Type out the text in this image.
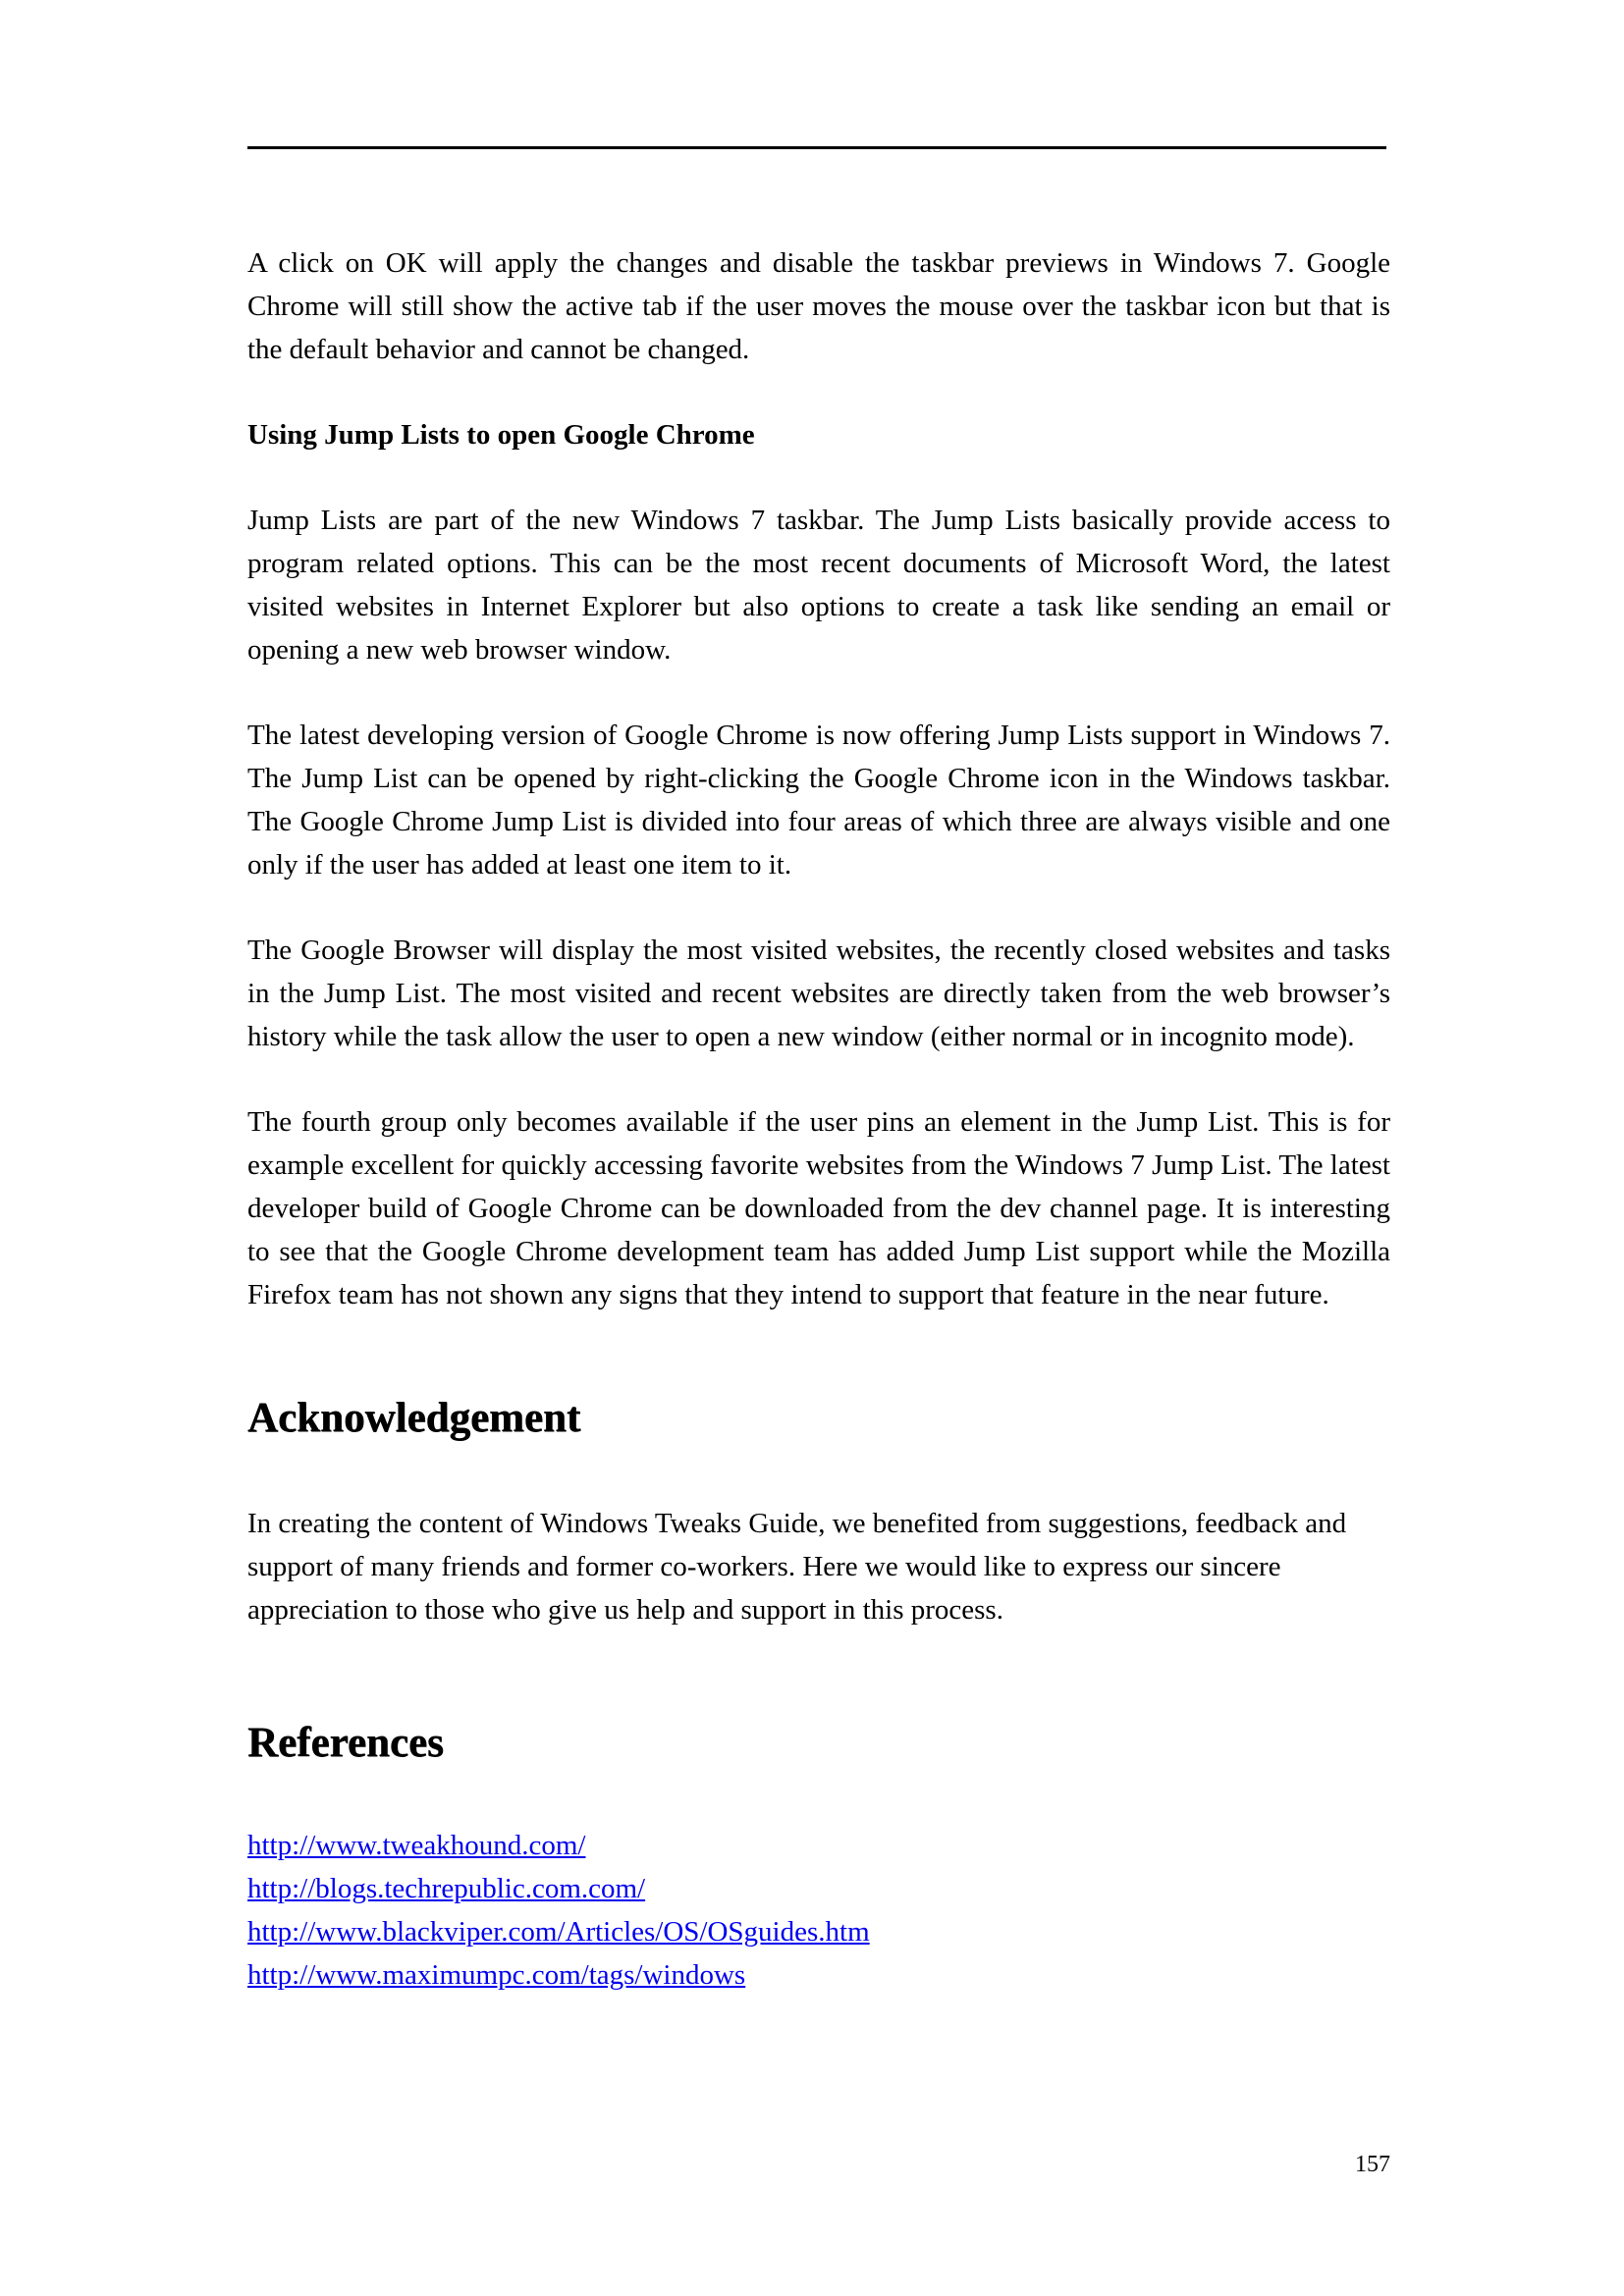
A click on OK will apply the changes and disable the taskbar previews in Windows 7. Google Chrome will still show the active tab if the user moves the mouse over the taskbar icon but that is the default behavior and cannot be changed.

Using Jump Lists to open Google Chrome

Jump Lists are part of the new Windows 7 taskbar. The Jump Lists basically provide access to program related options. This can be the most recent documents of Microsoft Word, the latest visited websites in Internet Explorer but also options to create a task like sending an email or opening a new web browser window.

The latest developing version of Google Chrome is now offering Jump Lists support in Windows 7. The Jump List can be opened by right-clicking the Google Chrome icon in the Windows taskbar. The Google Chrome Jump List is divided into four areas of which three are always visible and one only if the user has added at least one item to it.

The Google Browser will display the most visited websites, the recently closed websites and tasks in the Jump List. The most visited and recent websites are directly taken from the web browser’s history while the task allow the user to open a new window (either normal or in incognito mode).

The fourth group only becomes available if the user pins an element in the Jump List. This is for example excellent for quickly accessing favorite websites from the Windows 7 Jump List. The latest developer build of Google Chrome can be downloaded from the dev channel page. It is interesting to see that the Google Chrome development team has added Jump List support while the Mozilla Firefox team has not shown any signs that they intend to support that feature in the near future.

Acknowledgement

In creating the content of Windows Tweaks Guide, we benefited from suggestions, feedback and support of many friends and former co-workers. Here we would like to express our sincere appreciation to those who give us help and support in this process.

References
http://www.tweakhound.com/
http://blogs.techrepublic.com.com/
http://www.blackviper.com/Articles/OS/OSguides.htm
http://www.maximumpc.com/tags/windows
157
